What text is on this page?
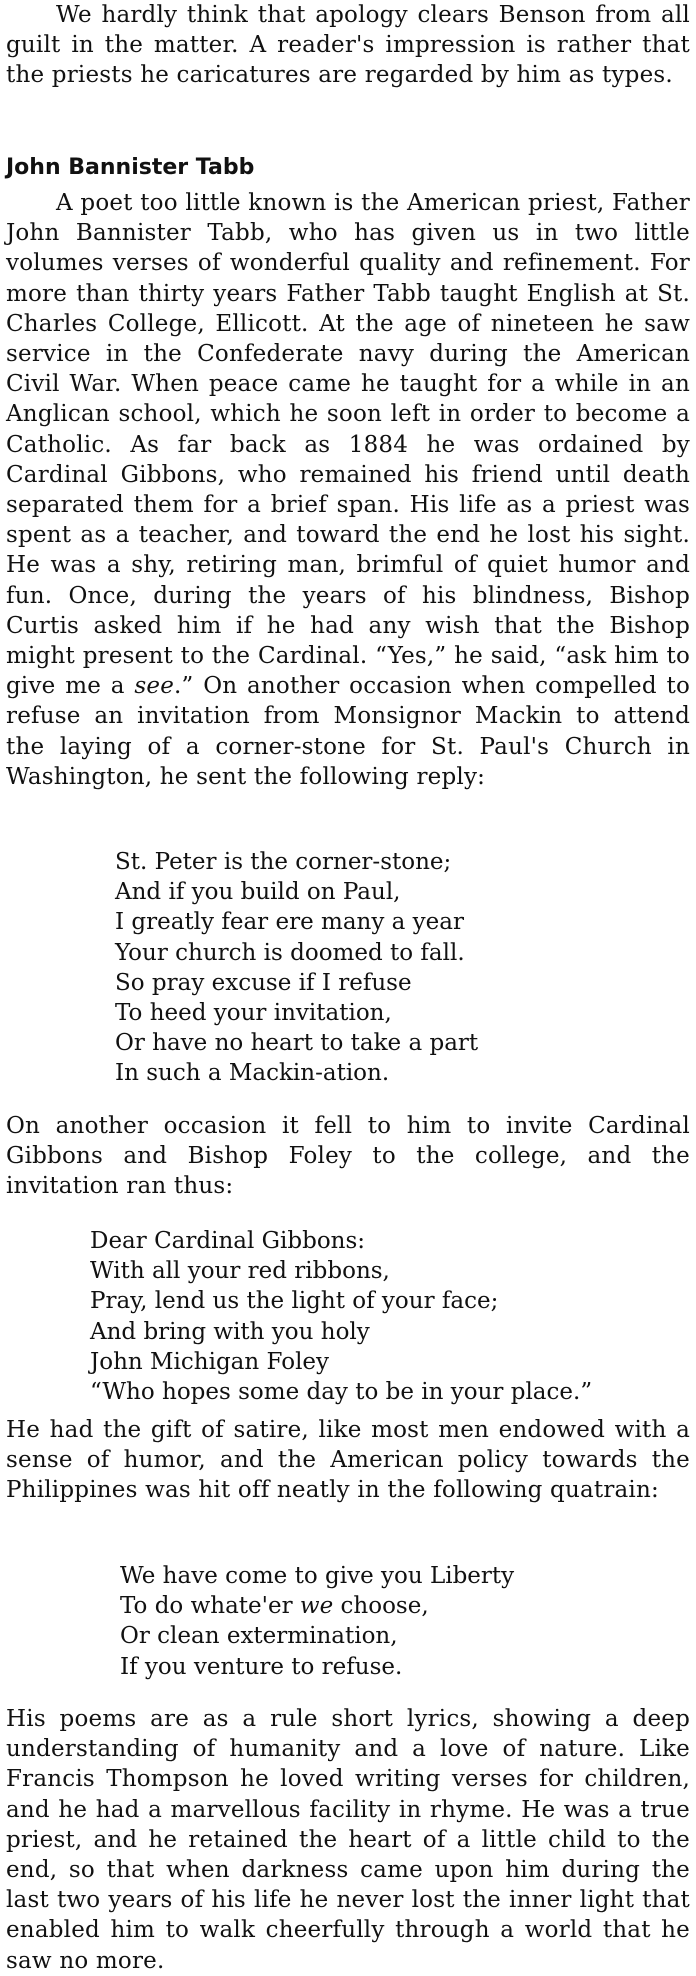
We hardly think that apology clears Benson from all guilt in the matter. A reader's impression is rather that the priests he caricatures are regarded by him as types.

John Bannister Tabb

A poet too little known is the American priest, Father John Bannister Tabb, who has given us in two little volumes verses of wonderful quality and refinement. For more than thirty years Father Tabb taught English at St. Charles College, Ellicott. At the age of nineteen he saw service in the Confederate navy during the American Civil War. When peace came he taught for a while in an Anglican school, which he soon left in order to become a Catholic. As far back as 1884 he was ordained by Cardinal Gibbons, who remained his friend until death separated them for a brief span. His life as a priest was spent as a teacher, and toward the end he lost his sight. He was a shy, retiring man, brimful of quiet humor and fun. Once, during the years of his blindness, Bishop Curtis asked him if he had any wish that the Bishop might present to the Cardinal. “Yes,” he said, “ask him to give me a see.” On another occasion when compelled to refuse an invitation from Monsignor Mackin to attend the laying of a corner-stone for St. Paul's Church in Washington, he sent the following reply:

St. Peter is the corner-stone;
And if you build on Paul,
I greatly fear ere many a year
Your church is doomed to fall.
So pray excuse if I refuse
To heed your invitation,
Or have no heart to take a part
In such a Mackin-ation.

On another occasion it fell to him to invite Cardinal Gibbons and Bishop Foley to the college, and the invitation ran thus:

Dear Cardinal Gibbons:
With all your red ribbons,
Pray, lend us the light of your face;
And bring with you holy
John Michigan Foley
“Who hopes some day to be in your place.”

He had the gift of satire, like most men endowed with a sense of humor, and the American policy towards the Philippines was hit off neatly in the following quatrain:

We have come to give you Liberty
To do whate'er we choose,
Or clean extermination,
If you venture to refuse.

His poems are as a rule short lyrics, showing a deep understanding of humanity and a love of nature. Like Francis Thompson he loved writing verses for children, and he had a marvellous facility in rhyme. He was a true priest, and he retained the heart of a little child to the end, so that when darkness came upon him during the last two years of his life he never lost the inner light that enabled him to walk cheerfully through a world that he saw no more.
